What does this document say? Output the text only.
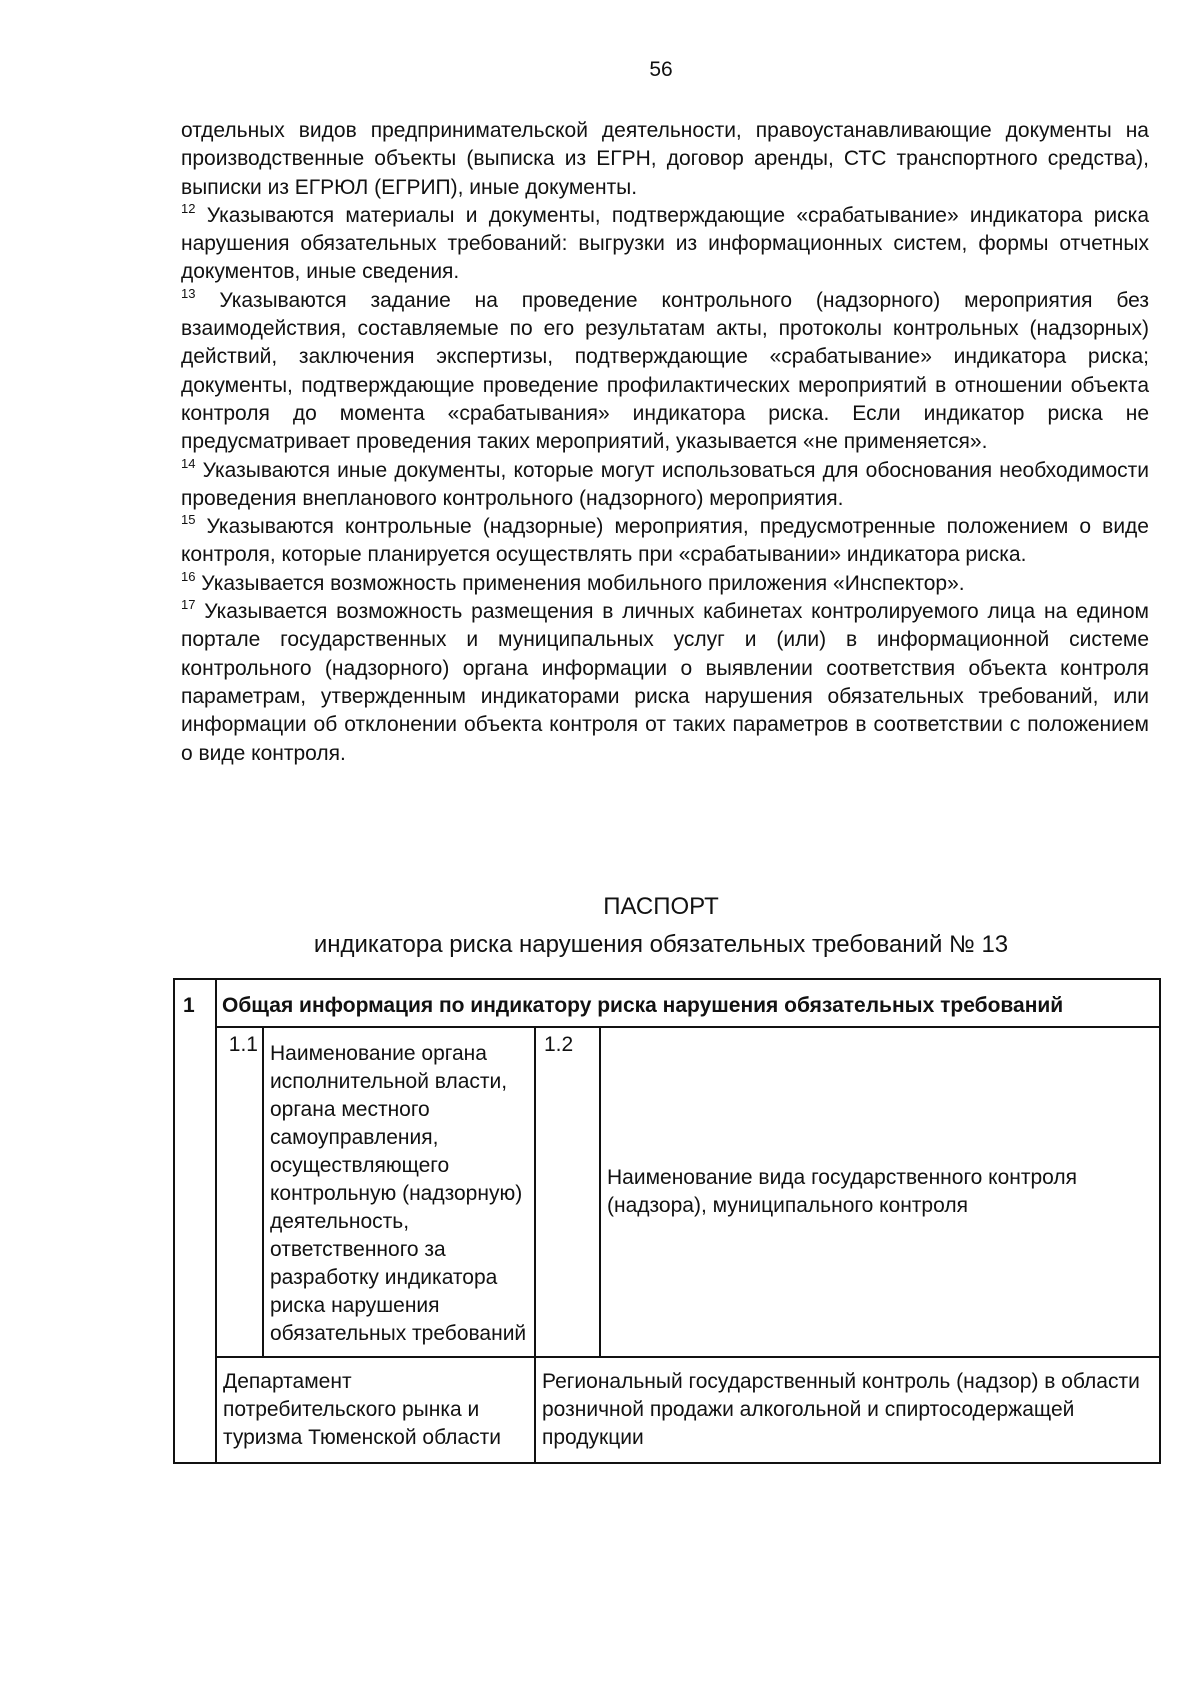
56

отдельных видов предпринимательской деятельности, правоустанавливающие документы на производственные объекты (выписка из ЕГРН, договор аренды, СТС транспортного средства), выписки из ЕГРЮЛ (ЕГРИП), иные документы.

$^{12}$ Указываются материалы и документы, подтверждающие «срабатывание» индикатора риска нарушения обязательных требований: выгрузки из информационных систем, формы отчетных документов, иные сведения.

$^{13}$ Указываются задание на проведение контрольного (надзорного) мероприятия без взаимодействия, составляемые по его результатам акты, протоколы контрольных (надзорных) действий, заключения экспертизы, подтверждающие «срабатывание» индикатора риска; документы, подтверждающие проведение профилактических мероприятий в отношении объекта контроля до момента «срабатывания» индикатора риска. Если индикатор риска не предусматривает проведения таких мероприятий, указывается «не применяется».

$^{14}$ Указываются иные документы, которые могут использоваться для обоснования необходимости проведения внепланового контрольного (надзорного) мероприятия.

$^{15}$ Указываются контрольные (надзорные) мероприятия, предусмотренные положением о виде контроля, которые планируется осуществлять при «срабатывании» индикатора риска.

$^{16}$ Указывается возможность применения мобильного приложения «Инспектор».

$^{17}$ Указывается возможность размещения в личных кабинетах контролируемого лица на едином портале государственных и муниципальных услуг и (или) в информационной системе контрольного (надзорного) органа информации о выявлении соответствия объекта контроля параметрам, утвержденным индикаторами риска нарушения обязательных требований, или информации об отклонении объекта контроля от таких параметров в соответствии с положением о виде контроля.

ПАСПОРТ
индикатора риска нарушения обязательных требований № 13
1	Общая информация по индикатору риска нарушения обязательных требований			
	1.1	Наименование органа исполнительной власти, органа местного самоуправления, осуществляющего контрольную (надзорную) деятельность, ответственного за разработку индикатора риска нарушения обязательных требований	1.2	Наименование вида государственного контроля (надзора), муниципального контроля
	Департамент потребительского рынка и туризма Тюменской области		Региональный государственный контроль (надзор) в области розничной продажи алкогольной и спиртосодержащей продукции	
